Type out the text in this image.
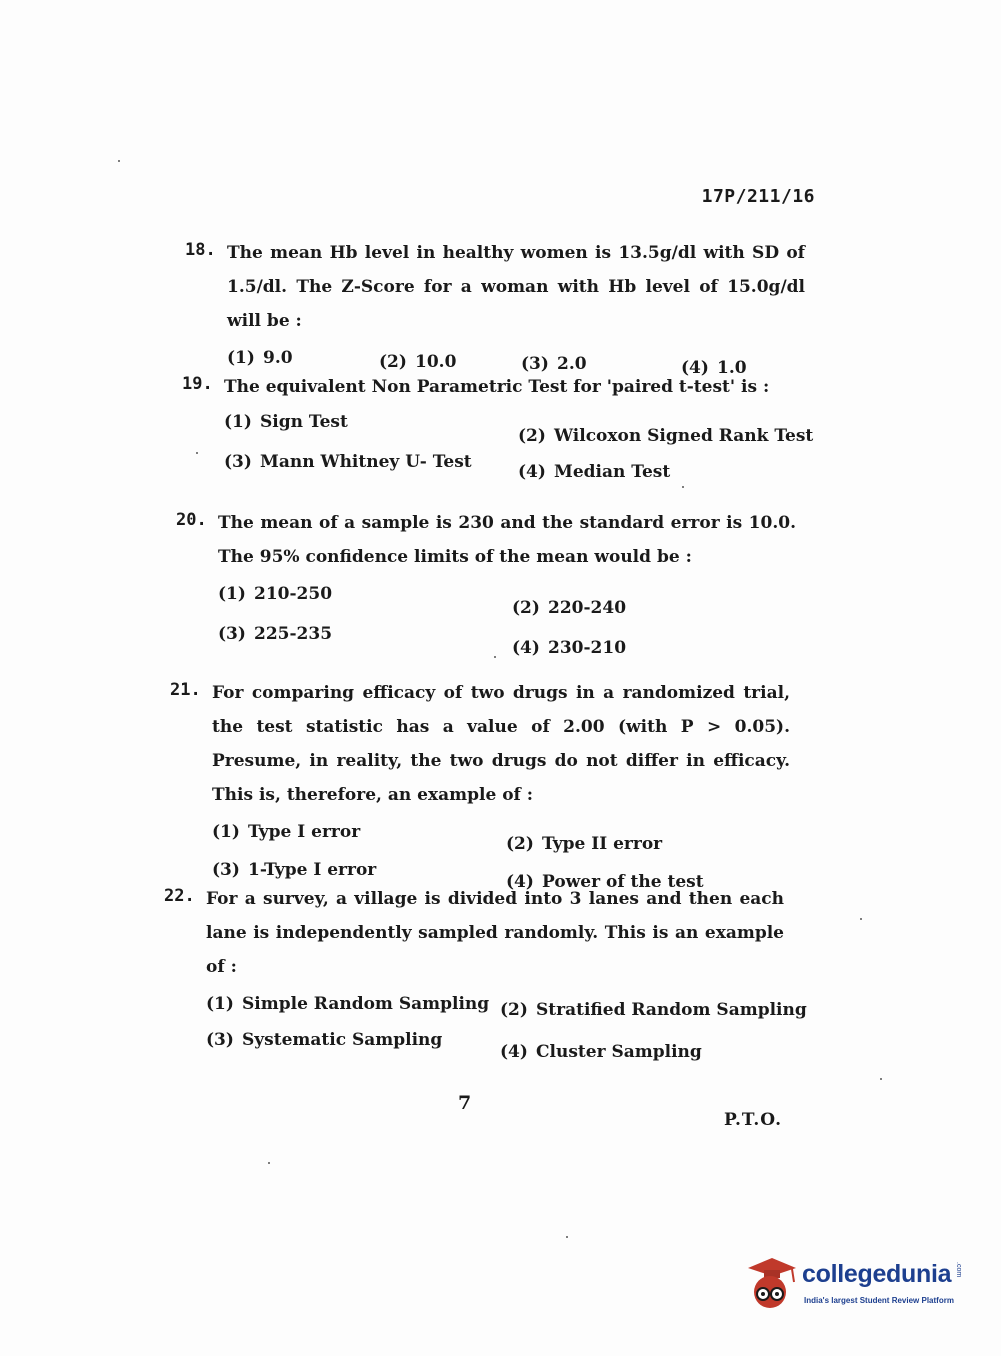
17P/211/16
18. The mean Hb level in healthy women is 13.5g/dl with SD of 1.5/dl. The Z-Score for a woman with Hb level of 15.0g/dl will be :
(1) 9.0	(2) 10.0	(3) 2.0	(4) 1.0
19. The equivalent Non Parametric Test for 'paired t-test' is :
(1) Sign Test
(2) Wilcoxon Signed Rank Test
(3) Mann Whitney U- Test	(4) Median Test
20. The mean of a sample is 230 and the standard error is 10.0. The 95% confidence limits of the mean would be :
(1) 210-250
(2) 220-240
(3) 225-235
(4) 230-210
21. For comparing efficacy of two drugs in a randomized trial, the test statistic has a value of 2.00 (with P > 0.05). Presume, in reality, the two drugs do not differ in efficacy. This is, therefore, an example of :
(1) Type I error
(2) Type II error
(3) 1-Type I error
(4) Power of the test
22. For a survey, a village is divided into 3 lanes and then each lane is independently sampled randomly. This is an example of :
(1) Simple Random Sampling (2) Stratified Random Sampling
(3) Systematic Sampling
(4) Cluster Sampling
7
P.T.O.
collegedunia .com
India's largest Student Review Platform
